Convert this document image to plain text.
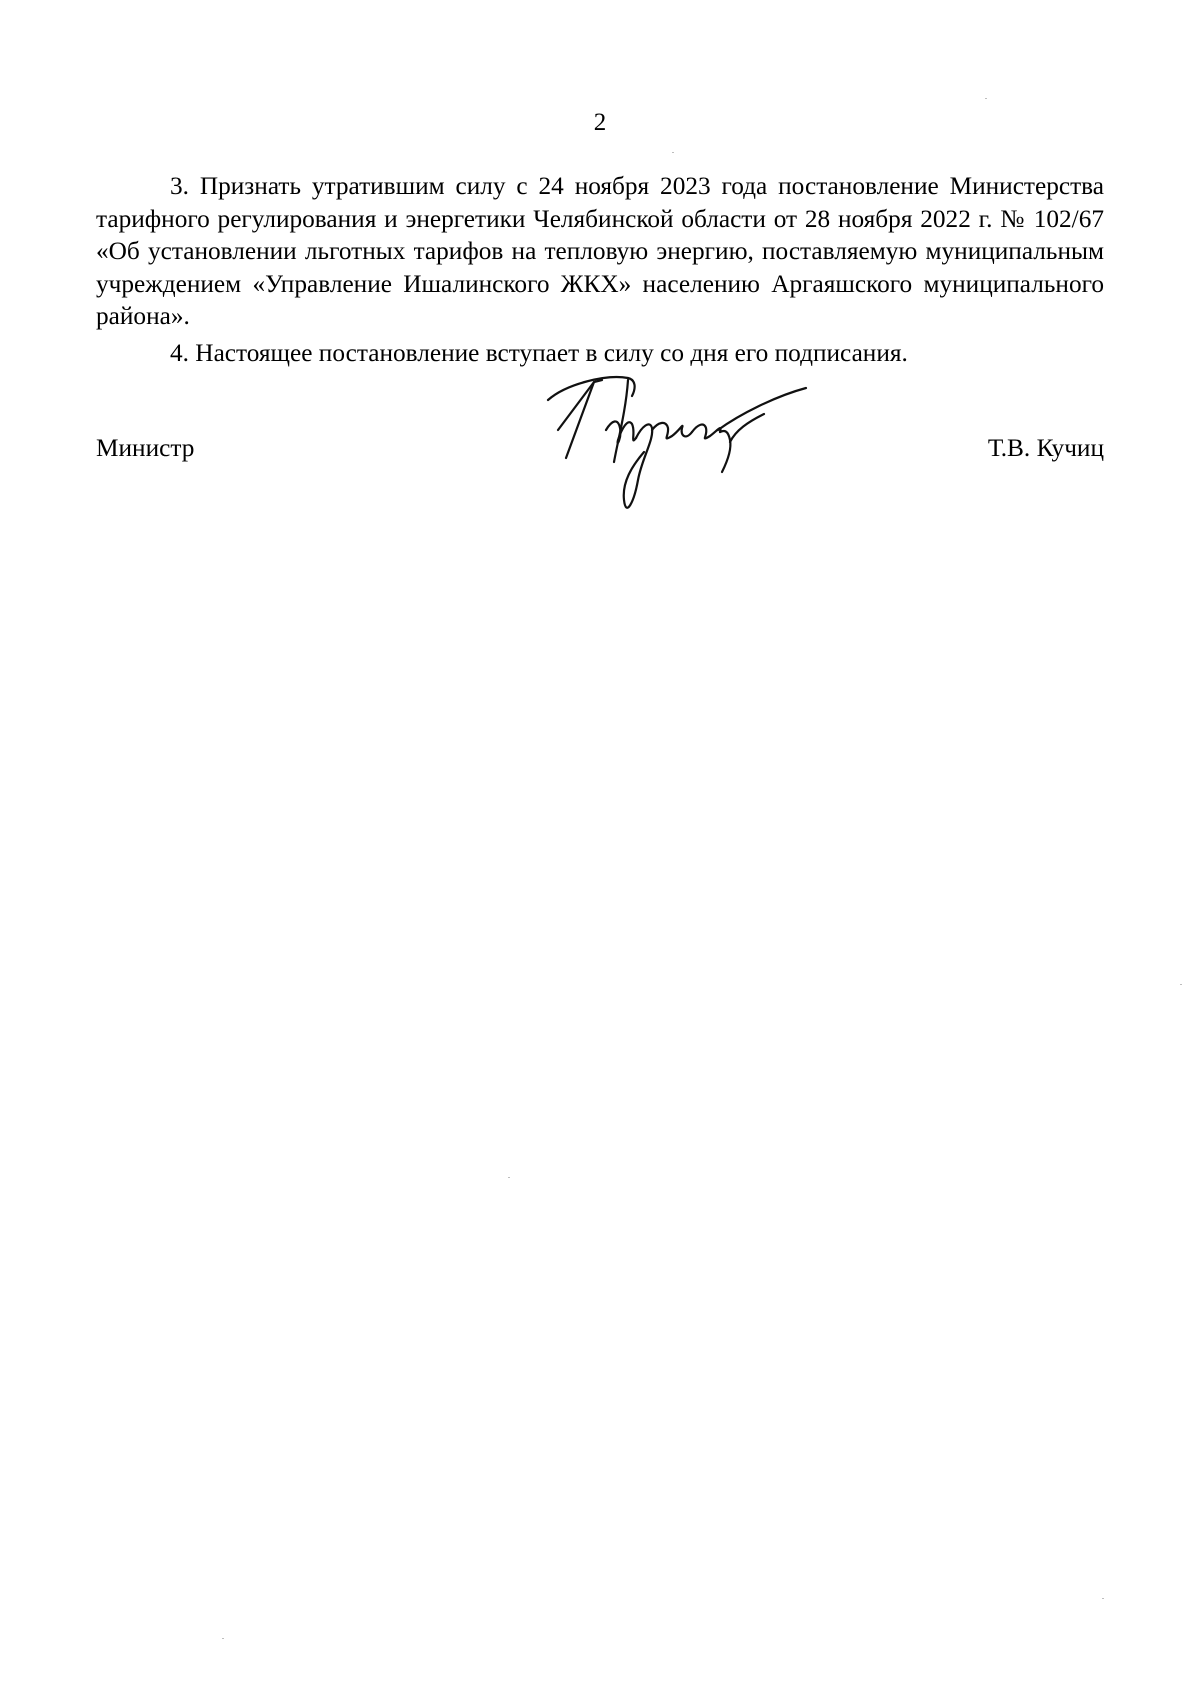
2

3. Признать утратившим силу с 24 ноября 2023 года постановление Министерства тарифного регулирования и энергетики Челябинской области от 28 ноября 2022 г. № 102/67 «Об установлении льготных тарифов на тепловую энергию, поставляемую муниципальным учреждением «Управление Ишалинского ЖКХ» населению Аргаяшского муниципального района».

4. Настоящее постановление вступает в силу со дня его подписания.

Министр	Т.В. Кучиц
